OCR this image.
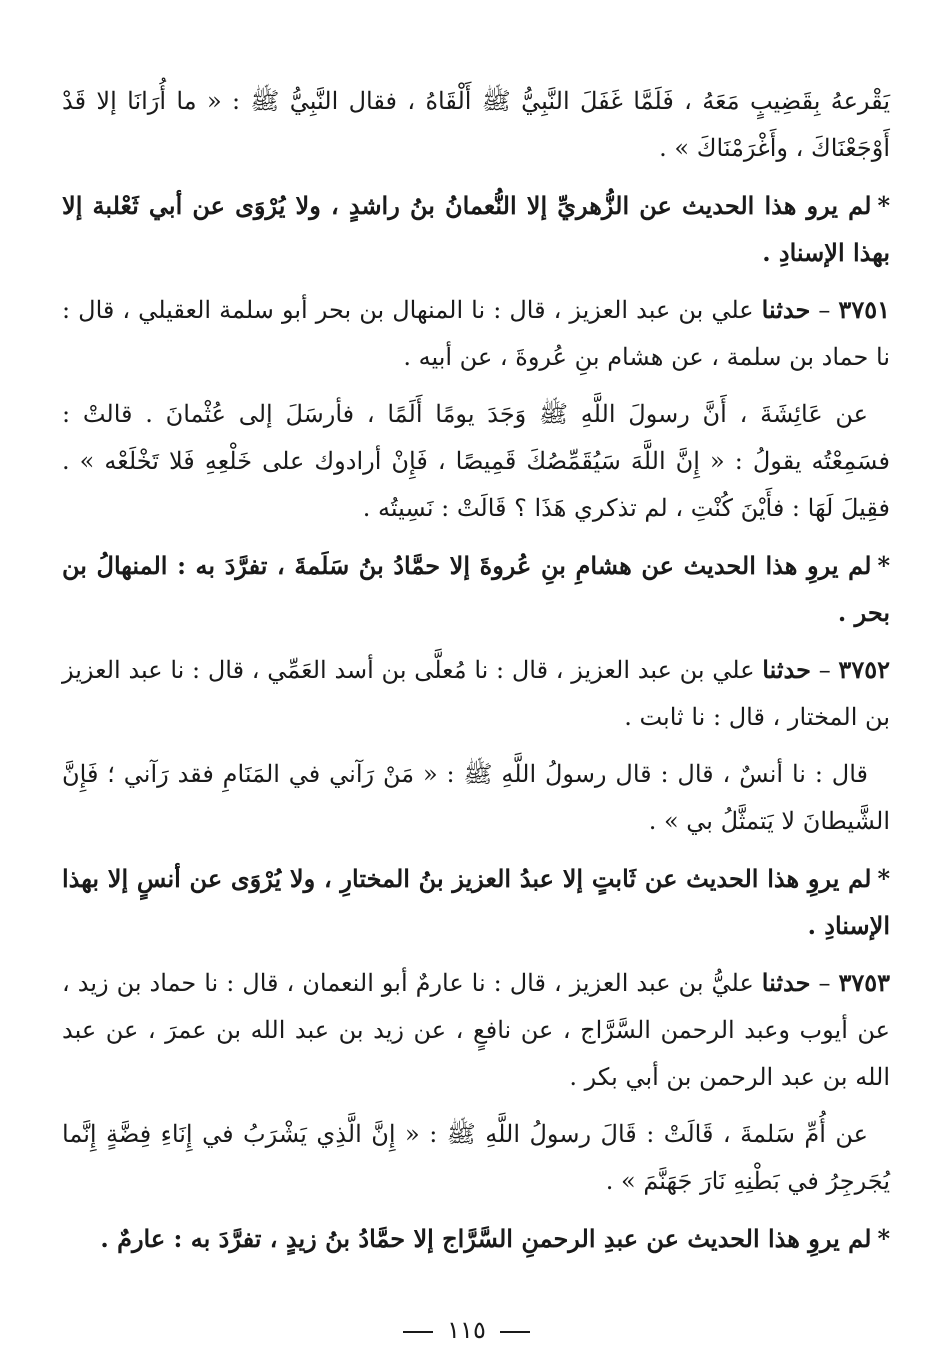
يَقْرعهُ بِقَضِيبٍ مَعَهُ ، فَلَمَّا غَفَلَ النَّبِيُّ ﷺ أَلْقَاهُ ، فقال النَّبِيُّ ﷺ : « ما أُرَانَا إلا قَدْ أَوْجَعْنَاكَ ، وأَغْرَمْنَاكَ » .

*لم يرو هذا الحديث عن الزُّهريِّ إلا النُّعمانُ بنُ راشدٍ ، ولا يُرْوَى عن أبي ثَعْلبة إلا بهذا الإسنادِ .

٣٧٥١ – حدثنا علي بن عبد العزيز ، قال : نا المنهال بن بحر أبو سلمة العقيلي ، قال : نا حماد بن سلمة ، عن هشام بنِ عُروةَ ، عن أبيه .

عن عَائِشَةَ ، أَنَّ رسولَ اللَّهِ ﷺ وَجَدَ يومًا أَلَمًا ، فأرسَلَ إلى عُثْمانَ . قالتْ : فسَمِعْتُه يقولُ : « إِنَّ اللَّهَ سَيُقَمِّصُكَ قَمِيصًا ، فَإِنْ أرادوك على خَلْعِهِ فَلا تَخْلَعْه » . فقِيلَ لَهَا : فأَيْنَ كُنْتِ ، لم تذكري هَذَا ؟ قَالَتْ : نَسِيتُه .

*لم يروِ هذا الحديث عن هشامِ بنِ عُروةَ إلا حمَّادُ بنُ سَلَمةَ ، تفرَّدَ به : المنهالُ بن بحر .

٣٧٥٢ – حدثنا علي بن عبد العزيز ، قال : نا مُعلَّى بن أسد العَمِّي ، قال : نا عبد العزيز بن المختار ، قال : نا ثابت .

قال : نا أنسٌ ، قال : قال رسولُ اللَّهِ ﷺ : « مَنْ رَآني في المَنَامِ فقد رَآني ؛ فَإِنَّ الشَّيطانَ لا يَتمثَّلُ بي » .

*لم يروِ هذا الحديث عن ثَابتٍ إلا عبدُ العزيز بنُ المختارِ ، ولا يُرْوَى عن أنسٍ إلا بهذا الإسنادِ .

٣٧٥٣ – حدثنا عليُّ بن عبد العزيز ، قال : نا عارمٌ أبو النعمان ، قال : نا حماد بن زيد ، عن أيوب وعبد الرحمن السَّرَّاج ، عن نافعٍ ، عن زيد بن عبد الله بن عمرَ ، عن عبد الله بن عبد الرحمن بن أبي بكر .

عن أُمِّ سَلمةَ ، قَالَتْ : قَالَ رسولُ اللَّهِ ﷺ : « إِنَّ الَّذِي يَشْرَبُ في إِنَاءِ فِضَّةٍ إِنَّما يُجَرجِرُ في بَطْنِهِ نَارَ جَهَنَّمَ » .

*لم يروِ هذا الحديث عن عبدِ الرحمنِ السَّرَّاج إلا حمَّادُ بنُ زيدٍ ، تفرَّدَ به : عارمٌ .

١١٥
